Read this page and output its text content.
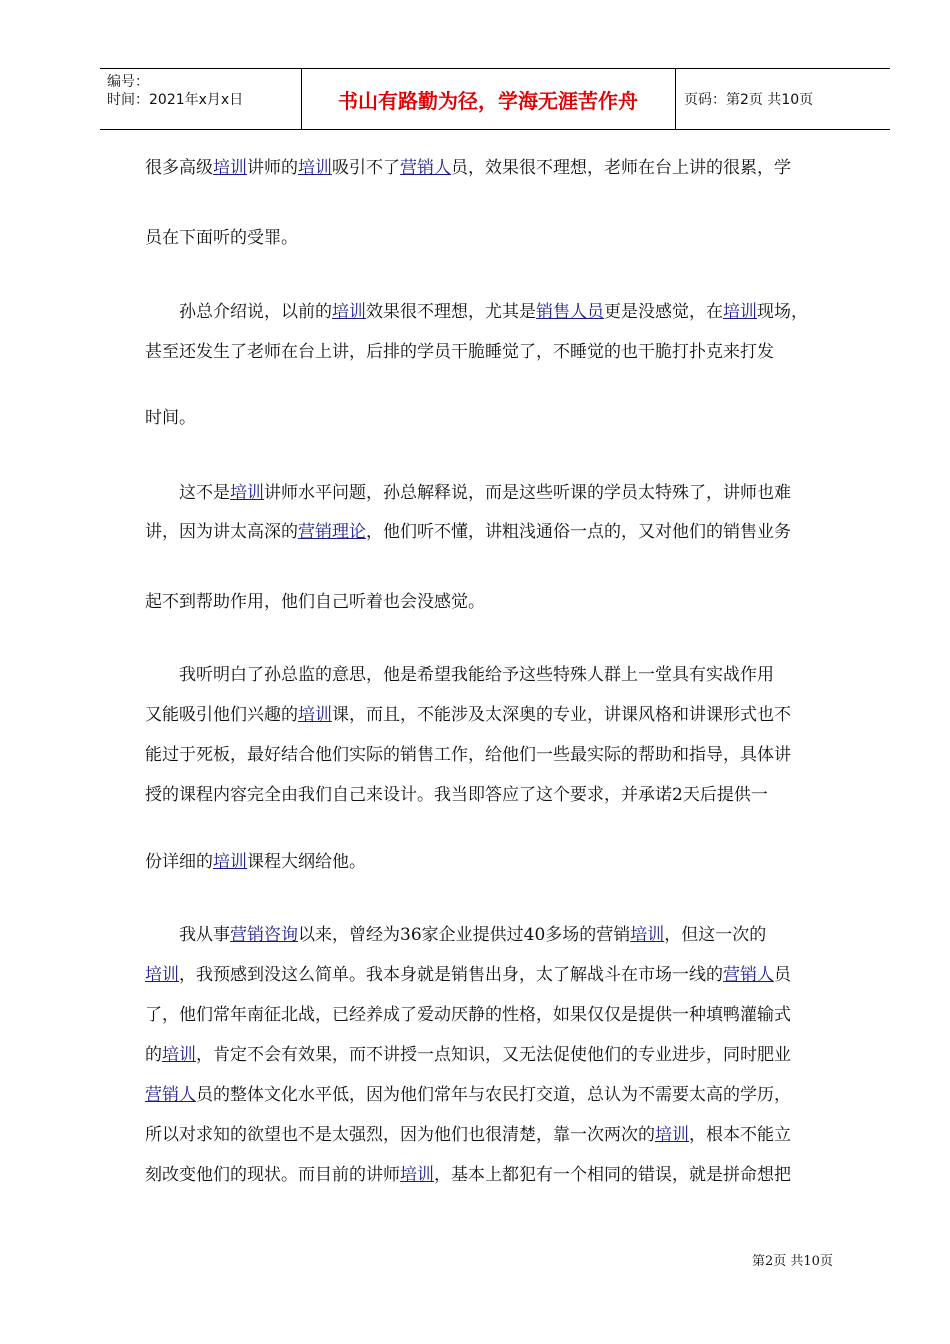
编号：
时间：2021年x月x日	书山有路勤为径，学海无涯苦作舟	页码：第2页 共10页
很多高级培训讲师的培训吸引不了营销人员，效果很不理想，老师在台上讲的很累，学
员在下面听的受罪。
　　孙总介绍说，以前的培训效果很不理想，尤其是销售人员更是没感觉，在培训现场，
甚至还发生了老师在台上讲，后排的学员干脆睡觉了，不睡觉的也干脆打扑克来打发
时间。
　　这不是培训讲师水平问题，孙总解释说，而是这些听课的学员太特殊了，讲师也难
讲，因为讲太高深的营销理论，他们听不懂，讲粗浅通俗一点的，又对他们的销售业务
起不到帮助作用，他们自己听着也会没感觉。
　　我听明白了孙总监的意思，他是希望我能给予这些特殊人群上一堂具有实战作用
又能吸引他们兴趣的培训课，而且，不能涉及太深奥的专业，讲课风格和讲课形式也不
能过于死板，最好结合他们实际的销售工作，给他们一些最实际的帮助和指导，具体讲
授的课程内容完全由我们自己来设计。我当即答应了这个要求，并承诺2天后提供一
份详细的培训课程大纲给他。
　　我从事营销咨询以来，曾经为36家企业提供过40多场的营销培训，但这一次的
培训，我预感到没这么简单。我本身就是销售出身，太了解战斗在市场一线的营销人员
了，他们常年南征北战，已经养成了爱动厌静的性格，如果仅仅是提供一种填鸭灌输式
的培训，肯定不会有效果，而不讲授一点知识，又无法促使他们的专业进步，同时肥业
营销人员的整体文化水平低，因为他们常年与农民打交道，总认为不需要太高的学历，
所以对求知的欲望也不是太强烈，因为他们也很清楚，靠一次两次的培训，根本不能立
刻改变他们的现状。而目前的讲师培训，基本上都犯有一个相同的错误，就是拼命想把
第2页 共10页
